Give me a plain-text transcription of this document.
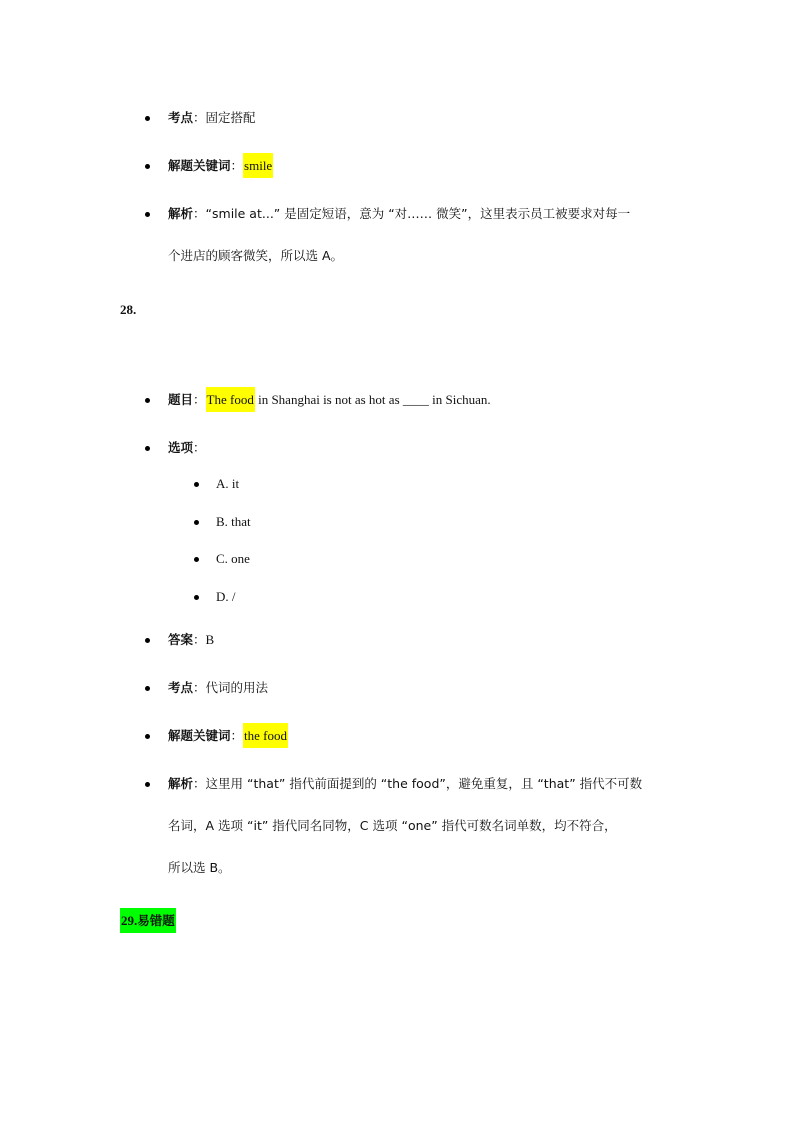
考点：固定搭配
解题关键词：smile
解析：“smile at...” 是固定短语，意为 “对…… 微笑”，这里表示员工被要求对每一
个进店的顾客微笑，所以选 A。
28.
题目：The food in Shanghai is not as hot as ____ in Sichuan.
选项：
A. it
B. that
C. one
D. /
答案：B
考点：代词的用法
解题关键词：the food
解析：这里用 “that” 指代前面提到的 “the food”，避免重复，且 “that” 指代不可数
名词，A 选项 “it” 指代同名同物，C 选项 “one” 指代可数名词单数，均不符合，
所以选 B。
29.易错题
